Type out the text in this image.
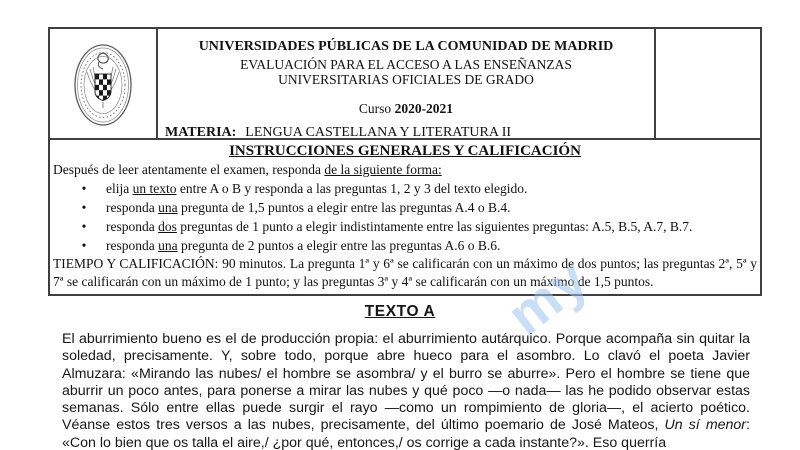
my
UNIVERSIDADES PÚBLICAS DE LA COMUNIDAD DE MADRID
EVALUACIÓN PARA EL ACCESO A LAS ENSEÑANZAS
UNIVERSITARIAS OFICIALES DE GRADO
Curso 2020-2021
MATERIA: LENGUA CASTELLANA Y LITERATURA II
INSTRUCCIONES GENERALES Y CALIFICACIÓN
Después de leer atentamente el examen, responda de la siguiente forma:
•	elija un texto entre A o B y responda a las preguntas 1, 2 y 3 del texto elegido.
•	responda una pregunta de 1,5 puntos a elegir entre las preguntas A.4 o B.4.
•	responda dos preguntas de 1 punto a elegir indistintamente entre las siguientes preguntas: A.5, B.5, A.7, B.7.
•	responda una pregunta de 2 puntos a elegir entre las preguntas A.6 o B.6.
TIEMPO Y CALIFICACIÓN: 90 minutos. La pregunta 1ª y 6ª se calificarán con un máximo de dos puntos; las preguntas 2ª, 5ª y 7ª se calificarán con un máximo de 1 punto; y las preguntas 3ª y 4ª se calificarán con un máximo de 1,5 puntos.
TEXTO A
El aburrimiento bueno es el de producción propia: el aburrimiento autárquico. Porque acompaña sin quitar la soledad, precisamente. Y, sobre todo, porque abre hueco para el asombro. Lo clavó el poeta Javier Almuzara: «Mirando las nubes/ el hombre se asombra/ y el burro se aburre». Pero el hombre se tiene que aburrir un poco antes, para ponerse a mirar las nubes y qué poco —o nada— las he podido observar estas semanas. Sólo entre ellas puede surgir el rayo —como un rompimiento de gloria—, el acierto poético. Véanse estos tres versos a las nubes, precisamente, del último poemario de José Mateos, Un sí menor: «Con lo bien que os talla el aire,/ ¿por qué, entonces,/ os corrige a cada instante?». Eso querría
